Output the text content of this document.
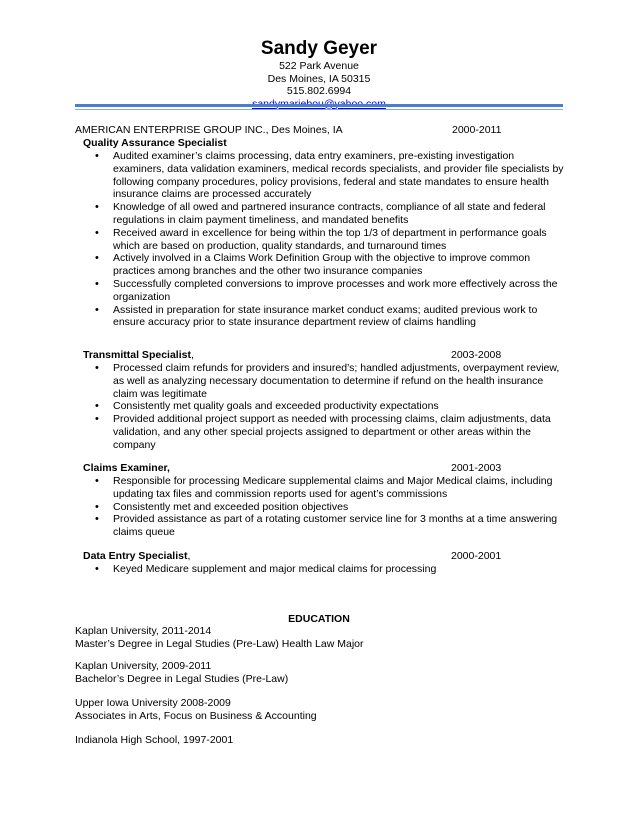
Sandy Geyer
522 Park Avenue
Des Moines, IA 50315
515.802.6994
AMERICAN ENTERPRISE GROUP INC., Des Moines, IA	2000-2011
Quality Assurance Specialist
• Audited examiner’s claims processing, data entry examiners, pre-existing investigation examiners, data validation examiners, medical records specialists, and provider file specialists by following company procedures, policy provisions, federal and state mandates to ensure health insurance claims are processed accurately
• Knowledge of all owed and partnered insurance contracts, compliance of all state and federal regulations in claim payment timeliness, and mandated benefits
• Received award in excellence for being within the top 1/3 of department in performance goals which are based on production, quality standards, and turnaround times
• Actively involved in a Claims Work Definition Group with the objective to improve common practices among branches and the other two insurance companies
• Successfully completed conversions to improve processes and work more effectively across the organization
• Assisted in preparation for state insurance market conduct exams; audited previous work to ensure accuracy prior to state insurance department review of claims handling
Transmittal Specialist,	2003-2008
• Processed claim refunds for providers and insured’s; handled adjustments, overpayment review, as well as analyzing necessary documentation to determine if refund on the health insurance claim was legitimate
• Consistently met quality goals and exceeded productivity expectations
• Provided additional project support as needed with processing claims, claim adjustments, data validation, and any other special projects assigned to department or other areas within the company
Claims Examiner,	2001-2003
• Responsible for processing Medicare supplemental claims and Major Medical claims, including updating tax files and commission reports used for agent’s commissions
• Consistently met and exceeded position objectives
• Provided assistance as part of a rotating customer service line for 3 months at a time answering claims queue
Data Entry Specialist,	2000-2001
• Keyed Medicare supplement and major medical claims for processing
EDUCATION
Kaplan University, 2011-2014
Master’s Degree in Legal Studies (Pre-Law) Health Law Major
Kaplan University, 2009-2011
Bachelor’s Degree in Legal Studies (Pre-Law)
Upper Iowa University 2008-2009
Associates in Arts, Focus on Business & Accounting
Indianola High School, 1997-2001
